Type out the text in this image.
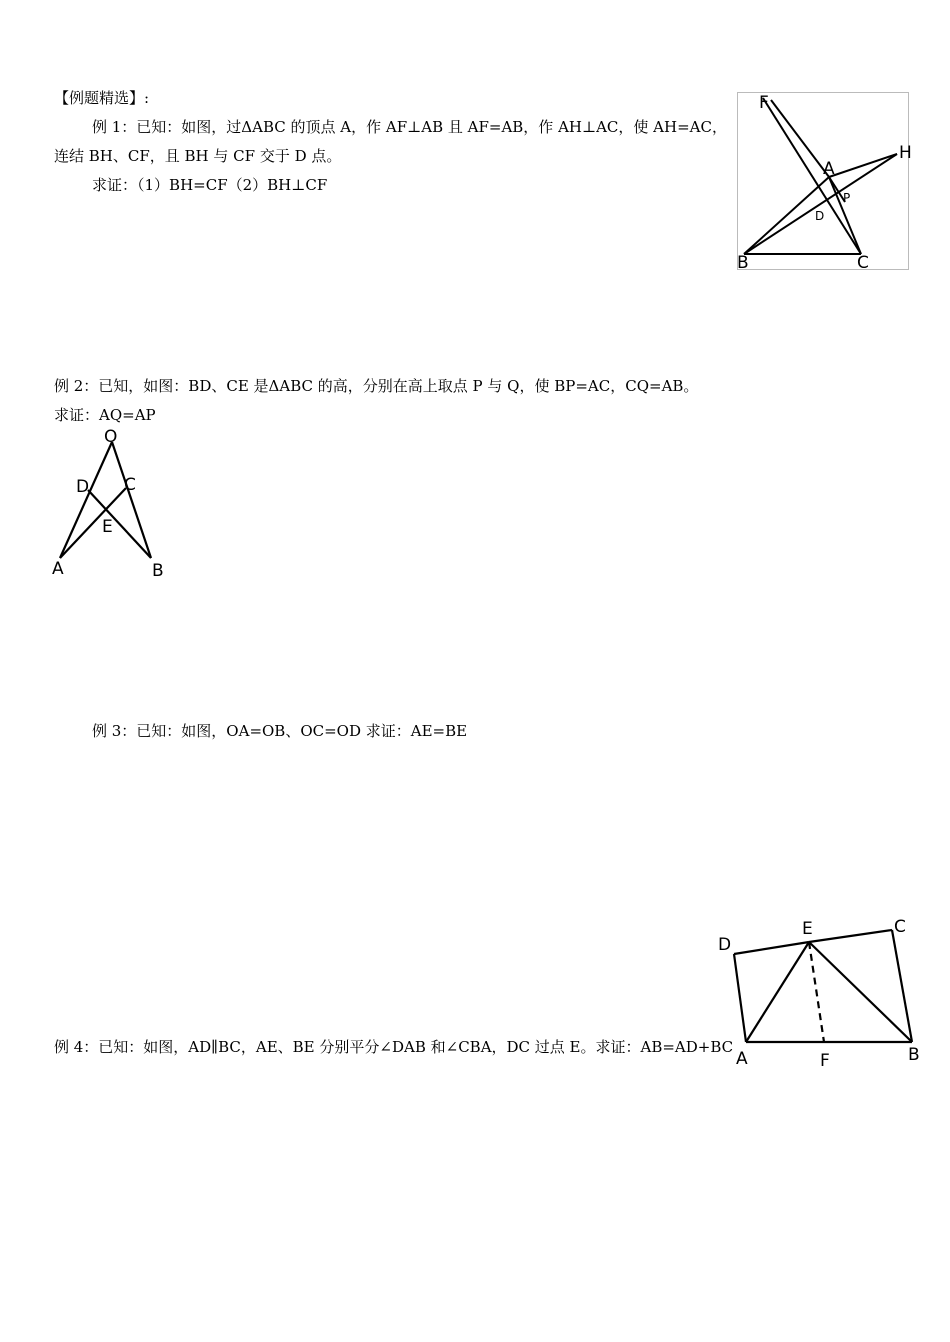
【例题精选】:
例 1：已知：如图，过ΔABC 的顶点 A，作 AF⊥AB 且 AF=AB，作 AH⊥AC，使 AH=AC，
连结 BH、CF，且 BH 与 CF 交于 D 点。
求证：（1）BH=CF（2）BH⊥CF
F
A
H
P
D
B	C
例 2：已知，如图：BD、CE 是ΔABC 的高，分别在高上取点 P 与 Q，使 BP=AC，CQ=AB。
求证：AQ=AP
O
D C
E
A	B
例 3：已知：如图，OA=OB、OC=OD 求证：AE=BE
例 4：已知：如图，AD∥BC，AE、BE 分别平分∠DAB 和∠CBA，DC 过点 E。求证：AB=AD+BC
D
E	C
A	F	B
